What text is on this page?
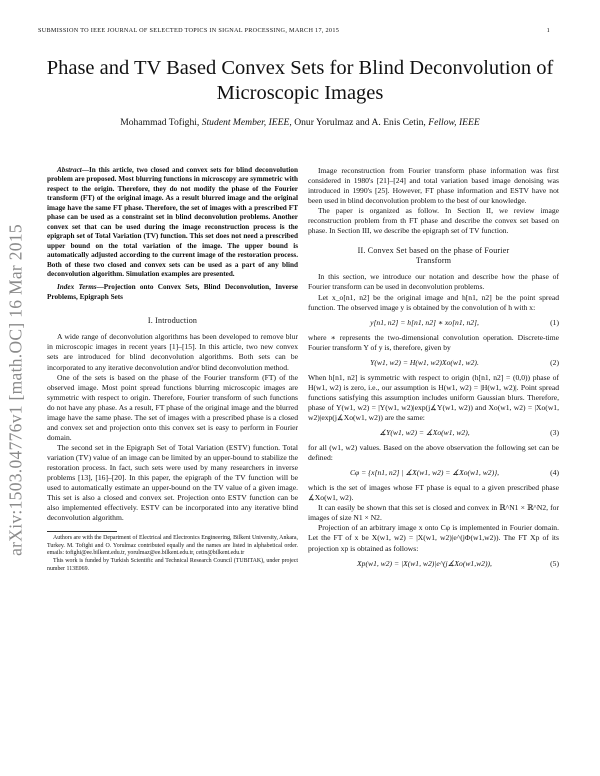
SUBMISSION TO IEEE JOURNAL OF SELECTED TOPICS IN SIGNAL PROCESSING, MARCH 17, 2015	1
arXiv:1503.04776v1 [math.OC] 16 Mar 2015
Phase and TV Based Convex Sets for Blind Deconvolution of Microscopic Images
Mohammad Tofighi, Student Member, IEEE, Onur Yorulmaz and A. Enis Cetin, Fellow, IEEE

Abstract—In this article, two closed and convex sets for blind deconvolution problem are proposed. Most blurring functions in microscopy are symmetric with respect to the origin. Therefore, they do not modify the phase of the Fourier transform (FT) of the original image. As a result blurred image and the original image have the same FT phase. Therefore, the set of images with a prescribed FT phase can be used as a constraint set in blind deconvolution problems. Another convex set that can be used during the image reconstruction process is the epigraph set of Total Variation (TV) function. This set does not need a prescribed upper bound on the total variation of the image. The upper bound is automatically adjusted according to the current image of the restoration process. Both of these two closed and convex sets can be used as a part of any blind deconvolution algorithm. Simulation examples are presented.

Index Terms—Projection onto Convex Sets, Blind Deconvolution, Inverse Problems, Epigraph Sets

I. Introduction

A wide range of deconvolution algorithms has been developed to remove blur in microscopic images in recent years [1]–[15]. In this article, two new convex sets are introduced for blind deconvolution algorithms. Both sets can be incorporated to any iterative deconvolution and/or blind deconvolution method.

One of the sets is based on the phase of the Fourier transform (FT) of the observed image. Most point spread functions blurring microscopic images are symmetric with respect to origin. Therefore, Fourier transform of such functions do not have any phase. As a result, FT phase of the original image and the blurred image have the same phase. The set of images with a prescribed phase is a closed and convex set and projection onto this convex set is easy to perform in Fourier domain.

The second set in the Epigraph Set of Total Variation (ESTV) function. Total variation (TV) value of an image can be limited by an upper-bound to stabilize the restoration process. In fact, such sets were used by many researchers in inverse problems [13], [16]–[20]. In this paper, the epigraph of the TV function will be used to automatically estimate an upper-bound on the TV value of a given image. This set is also a closed and convex set. Projection onto ESTV function can be also implemented effectively. ESTV can be incorporated into any iterative blind deconvolution algorithm.

Authors are with the Department of Electrical and Electronics Engineering, Bilkent University, Ankara, Turkey. M. Tofighi and O. Yorulmaz contributed equally and the names are listed in alphabetical order. emails: tofighi@ee.bilkent.edu.tr, yorulmaz@ee.bilkent.edu.tr, cetin@bilkent.edu.tr
This work is funded by Turkish Scientific and Technical Research Council (TUBITAK), under project number 113E069.

Image reconstruction from Fourier transform phase information was first considered in 1980's [21]–[24] and total variation based image denoising was introduced in 1990's [25]. However, FT phase information and ESTV have not been used in blind deconvolution problem to the best of our knowledge.

The paper is organized as follow. In Section II, we review image reconstruction problem from th FT phase and describe the convex set based on phase. In Section III, we describe the epigraph set of TV function.

II. Convex Set based on the phase of Fourier
Transform

In this section, we introduce our notation and describe how the phase of Fourier transform can be used in deconvolution problems.

Let x_o[n1, n2] be the original image and h[n1, n2] be the point spread function. The observed image y is obtained by the convolution of h with x:

y[n1, n2] = h[n1, n2] ∗ xo[n1, n2],	(1)

where ∗ represents the two-dimensional convolution operation. Discrete-time Fourier transform Y of y is, therefore, given by

Y(w1, w2) = H(w1, w2)Xo(w1, w2).	(2)

When h[n1, n2] is symmetric with respect to origin (h[n1, n2] = (0,0)) phase of H(w1, w2) is zero, i.e., our assumption is H(w1, w2) = |H(w1, w2)|. Point spread functions satisfying this assumption includes uniform Gaussian blurs. Therefore, phase of Y(w1, w2) = |Y(w1, w2)|exp(j∡Y(w1, w2)) and Xo(w1, w2) = |Xo(w1, w2)|exp(j∡Xo(w1, w2)) are the same:

∡Y(w1, w2) = ∡Xo(w1, w2),	(3)

for all (w1, w2) values. Based on the above observation the following set can be defined:

Cφ = {x[n1, n2] | ∡X(w1, w2) = ∡Xo(w1, w2)},	(4)

which is the set of images whose FT phase is equal to a given prescribed phase ∡Xo(w1, w2).

It can easily be shown that this set is closed and convex in ℝ^N1 × ℝ^N2, for images of size N1 × N2.

Projection of an arbitrary image x onto Cφ is implemented in Fourier domain. Let the FT of x be X(w1, w2) = |X(w1, w2)|e^(jΦ(w1,w2)). The FT Xp of its projection xp is obtained as follows:

Xp(w1, w2) = |X(w1, w2)|e^(j∡Xo(w1,w2)),	(5)
